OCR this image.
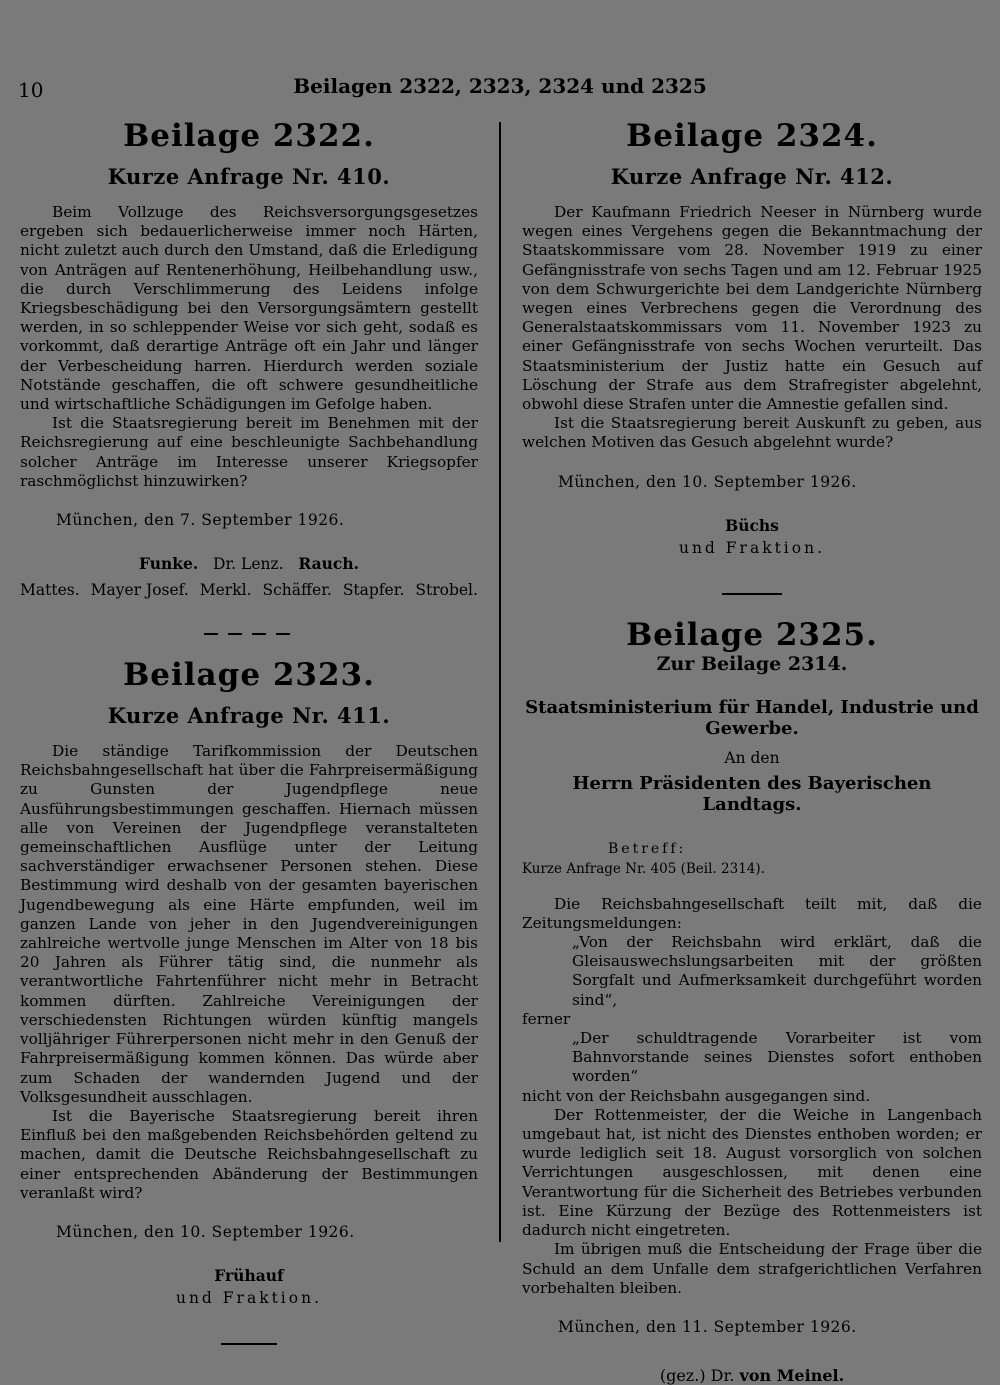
10	Beilagen 2322, 2323, 2324 und 2325
Beilage 2322.
Kurze Anfrage Nr. 410.

Beim Vollzuge des Reichsversorgungsgesetzes ergeben sich bedauerlicherweise immer noch Härten, nicht zuletzt auch durch den Umstand, daß die Erledigung von Anträgen auf Rentenerhöhung, Heilbehandlung usw., die durch Verschlimmerung des Leidens infolge Kriegsbeschädigung bei den Versorgungsämtern gestellt werden, in so schleppender Weise vor sich geht, sodaß es vorkommt, daß derartige Anträge oft ein Jahr und länger der Verbescheidung harren. Hierdurch werden soziale Notstände geschaffen, die oft schwere gesundheitliche und wirtschaftliche Schädigungen im Gefolge haben.

Ist die Staatsregierung bereit im Benehmen mit der Reichsregierung auf eine beschleunigte Sachbehandlung solcher Anträge im Interesse unserer Kriegsopfer raschmöglichst hinzuwirken?

München, den 7. September 1926.
Funke. Dr. Lenz. Rauch.
Mattes. Mayer Josef. Merkl. Schäffer. Stapfer. Strobel.
Beilage 2323.
Kurze Anfrage Nr. 411.

Die ständige Tarifkommission der Deutschen Reichsbahngesellschaft hat über die Fahrpreisermäßigung zu Gunsten der Jugendpflege neue Ausführungsbestimmungen geschaffen. Hiernach müssen alle von Vereinen der Jugendpflege veranstalteten gemeinschaftlichen Ausflüge unter der Leitung sachverständiger erwachsener Personen stehen. Diese Bestimmung wird deshalb von der gesamten bayerischen Jugendbewegung als eine Härte empfunden, weil im ganzen Lande von jeher in den Jugendvereinigungen zahlreiche wertvolle junge Menschen im Alter von 18 bis 20 Jahren als Führer tätig sind, die nunmehr als verantwortliche Fahrtenführer nicht mehr in Betracht kommen dürften. Zahlreiche Vereinigungen der verschiedensten Richtungen würden künftig mangels volljähriger Führerpersonen nicht mehr in den Genuß der Fahrpreisermäßigung kommen können. Das würde aber zum Schaden der wandernden Jugend und der Volksgesundheit ausschlagen.

Ist die Bayerische Staatsregierung bereit ihren Einfluß bei den maßgebenden Reichsbehörden geltend zu machen, damit die Deutsche Reichsbahngesellschaft zu einer entsprechenden Abänderung der Bestimmungen veranlaßt wird?

München, den 10. September 1926.
Frühauf
und Fraktion.
Beilage 2324.
Kurze Anfrage Nr. 412.

Der Kaufmann Friedrich Neeser in Nürnberg wurde wegen eines Vergehens gegen die Bekanntmachung der Staatskommissare vom 28. November 1919 zu einer Gefängnisstrafe von sechs Tagen und am 12. Februar 1925 von dem Schwurgerichte bei dem Landgerichte Nürnberg wegen eines Verbrechens gegen die Verordnung des Generalstaatskommissars vom 11. November 1923 zu einer Gefängnisstrafe von sechs Wochen verurteilt. Das Staatsministerium der Justiz hatte ein Gesuch auf Löschung der Strafe aus dem Strafregister abgelehnt, obwohl diese Strafen unter die Amnestie gefallen sind.

Ist die Staatsregierung bereit Auskunft zu geben, aus welchen Motiven das Gesuch abgelehnt wurde?

München, den 10. September 1926.
Büchs
und Fraktion.
Beilage 2325.
Zur Beilage 2314.
Staatsministerium für Handel, Industrie und Gewerbe.
An den
Herrn Präsidenten des Bayerischen Landtags.
Betreff:
Kurze Anfrage Nr. 405 (Beil. 2314).

Die Reichsbahngesellschaft teilt mit, daß die Zeitungsmeldungen:

„Von der Reichsbahn wird erklärt, daß die Gleisauswechslungsarbeiten mit der größten Sorgfalt und Aufmerksamkeit durchgeführt worden sind“,

ferner

„Der schuldtragende Vorarbeiter ist vom Bahnvorstande seines Dienstes sofort enthoben worden“

nicht von der Reichsbahn ausgegangen sind.

Der Rottenmeister, der die Weiche in Langenbach umgebaut hat, ist nicht des Dienstes enthoben worden; er wurde lediglich seit 18. August vorsorglich von solchen Verrichtungen ausgeschlossen, mit denen eine Verantwortung für die Sicherheit des Betriebes verbunden ist. Eine Kürzung der Bezüge des Rottenmeisters ist dadurch nicht eingetreten.

Im übrigen muß die Entscheidung der Frage über die Schuld an dem Unfalle dem strafgerichtlichen Verfahren vorbehalten bleiben.

München, den 11. September 1926.
(gez.) Dr. von Meinel.
